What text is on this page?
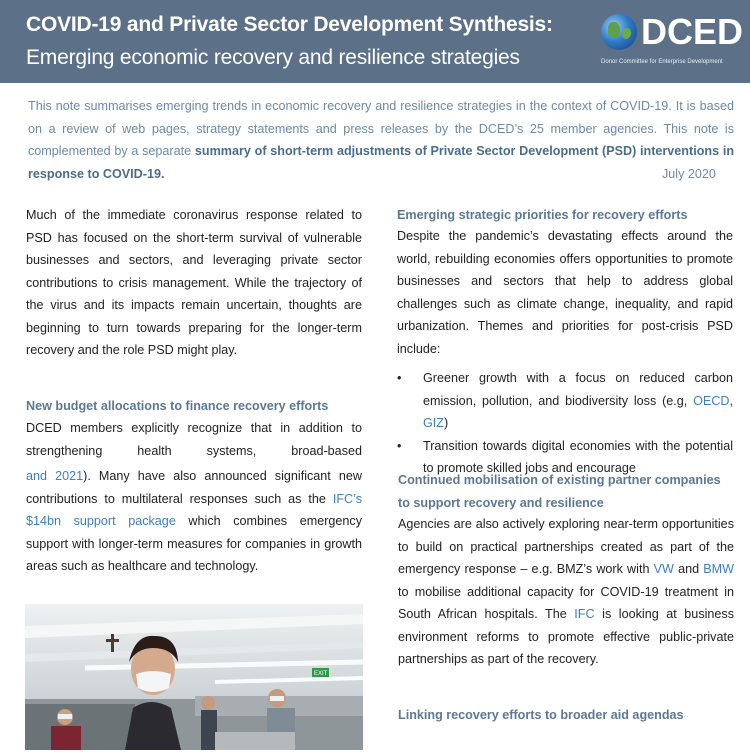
COVID-19 and Private Sector Development Synthesis:
Emerging economic recovery and resilience strategies
DCED
Donor Committee for Enterprise Development
This note summarises emerging trends in economic recovery and resilience strategies in the context of COVID-19. It is based on a review of web pages, strategy statements and press releases by the DCED’s 25 member agencies. This note is complemented by a separate summary of short-term adjustments of Private Sector Development (PSD) interventions in response to COVID-19.	July 2020
Much of the immediate coronavirus response related to PSD has focused on the short-term survival of vulnerable businesses and sectors, and leveraging private sector contributions to crisis management. While the trajectory of the virus and its impacts remain uncertain, thoughts are beginning to turn towards preparing for the longer-term recovery and the role PSD might play.
New budget allocations to finance recovery efforts
DCED members explicitly recognize that in addition to strengthening health systems, broad-based
and 2021). Many have also announced significant new contributions to multilateral responses such as the IFC’s $14bn support package which combines emergency support with longer-term measures for companies in growth areas such as healthcare and technology.
EXIT
Emerging strategic priorities for recovery efforts
Despite the pandemic’s devastating effects around the world, rebuilding economies offers opportunities to promote businesses and sectors that help to address global challenges such as climate change, inequality, and rapid urbanization. Themes and priorities for post-crisis PSD include:
• Greener growth with a focus on reduced carbon emission, pollution, and biodiversity loss (e.g, OECD, GIZ)
• Transition towards digital economies with the potential to promote skilled jobs and encourage
Continued mobilisation of existing partner companies to support recovery and resilience
Agencies are also actively exploring near-term opportunities to build on practical partnerships created as part of the emergency response – e.g. BMZ’s work with VW and BMW to mobilise additional capacity for COVID-19 treatment in South African hospitals. The IFC is looking at business environment reforms to promote effective public-private partnerships as part of the recovery.
Linking recovery efforts to broader aid agendas
